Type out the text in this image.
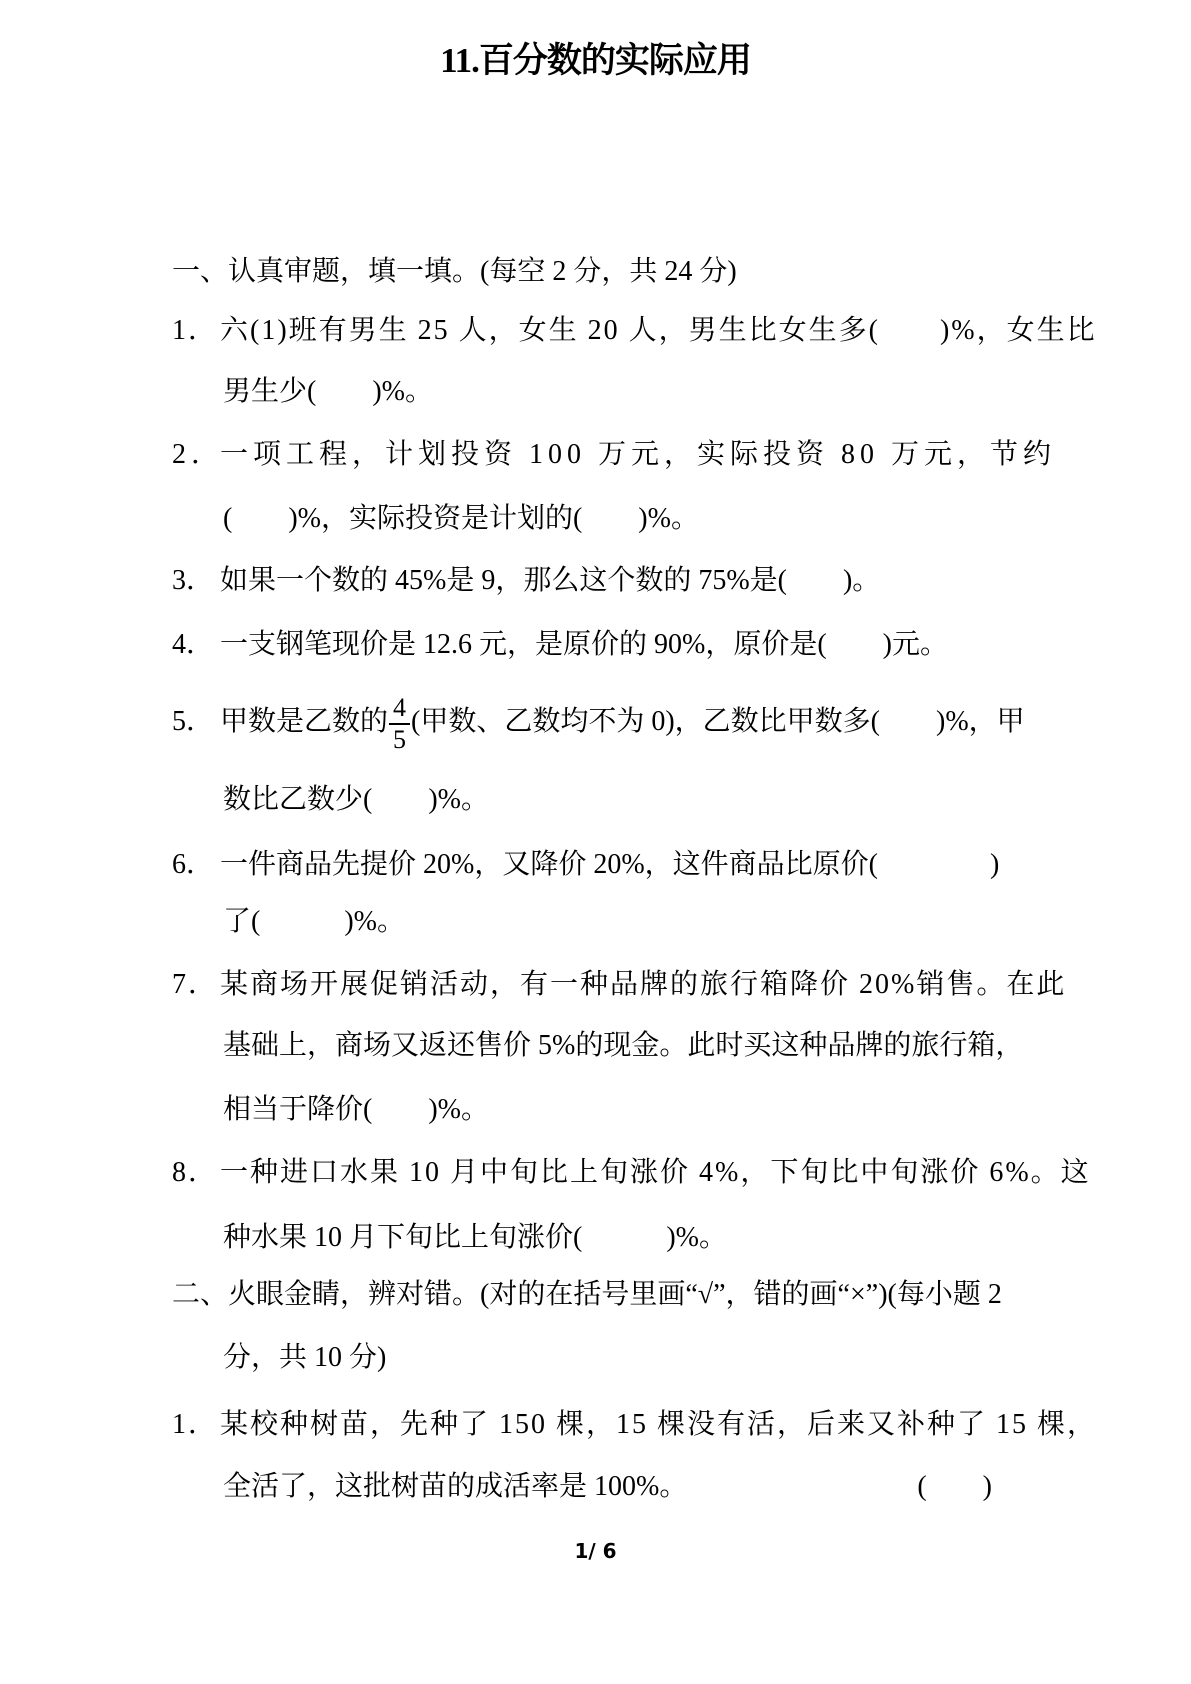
11.百分数的实际应用
一、认真审题，填一填。(每空 2 分，共 24 分)
1．六(1)班有男生 25 人，女生 20 人，男生比女生多(　　)%，女生比
男生少(　　)%。
2．一项工程，计划投资 100 万元，实际投资 80 万元，节约
(　　)%，实际投资是计划的(　　)%。
3． 如果一个数的 45%是 9，那么这个数的 75%是(　　)。
4． 一支钢笔现价是 12.6 元，是原价的 90%，原价是(　　)元。
5． 甲数是乙数的 $\frac{4}{5}$ (甲数、乙数均不为 0)，乙数比甲数多(　　)%，甲
数比乙数少(　　)%。
6． 一件商品先提价 20%，又降价 20%，这件商品比原价(　　　　)
了(　　　)%。
7．某商场开展促销活动，有一种品牌的旅行箱降价 20%销售。在此
基础上，商场又返还售价 5%的现金。此时买这种品牌的旅行箱，
相当于降价(　　)%。
8．一种进口水果 10 月中旬比上旬涨价 4%，下旬比中旬涨价 6%。这
种水果 10 月下旬比上旬涨价(　　　)%。
二、火眼金睛，辨对错。(对的在括号里画“√”，错的画“×”)(每小题 2
分，共 10 分)
1．某校种树苗，先种了 150 棵，15 棵没有活，后来又补种了 15 棵，
全活了，这批树苗的成活率是 100%。	(　　)
1/ 6
